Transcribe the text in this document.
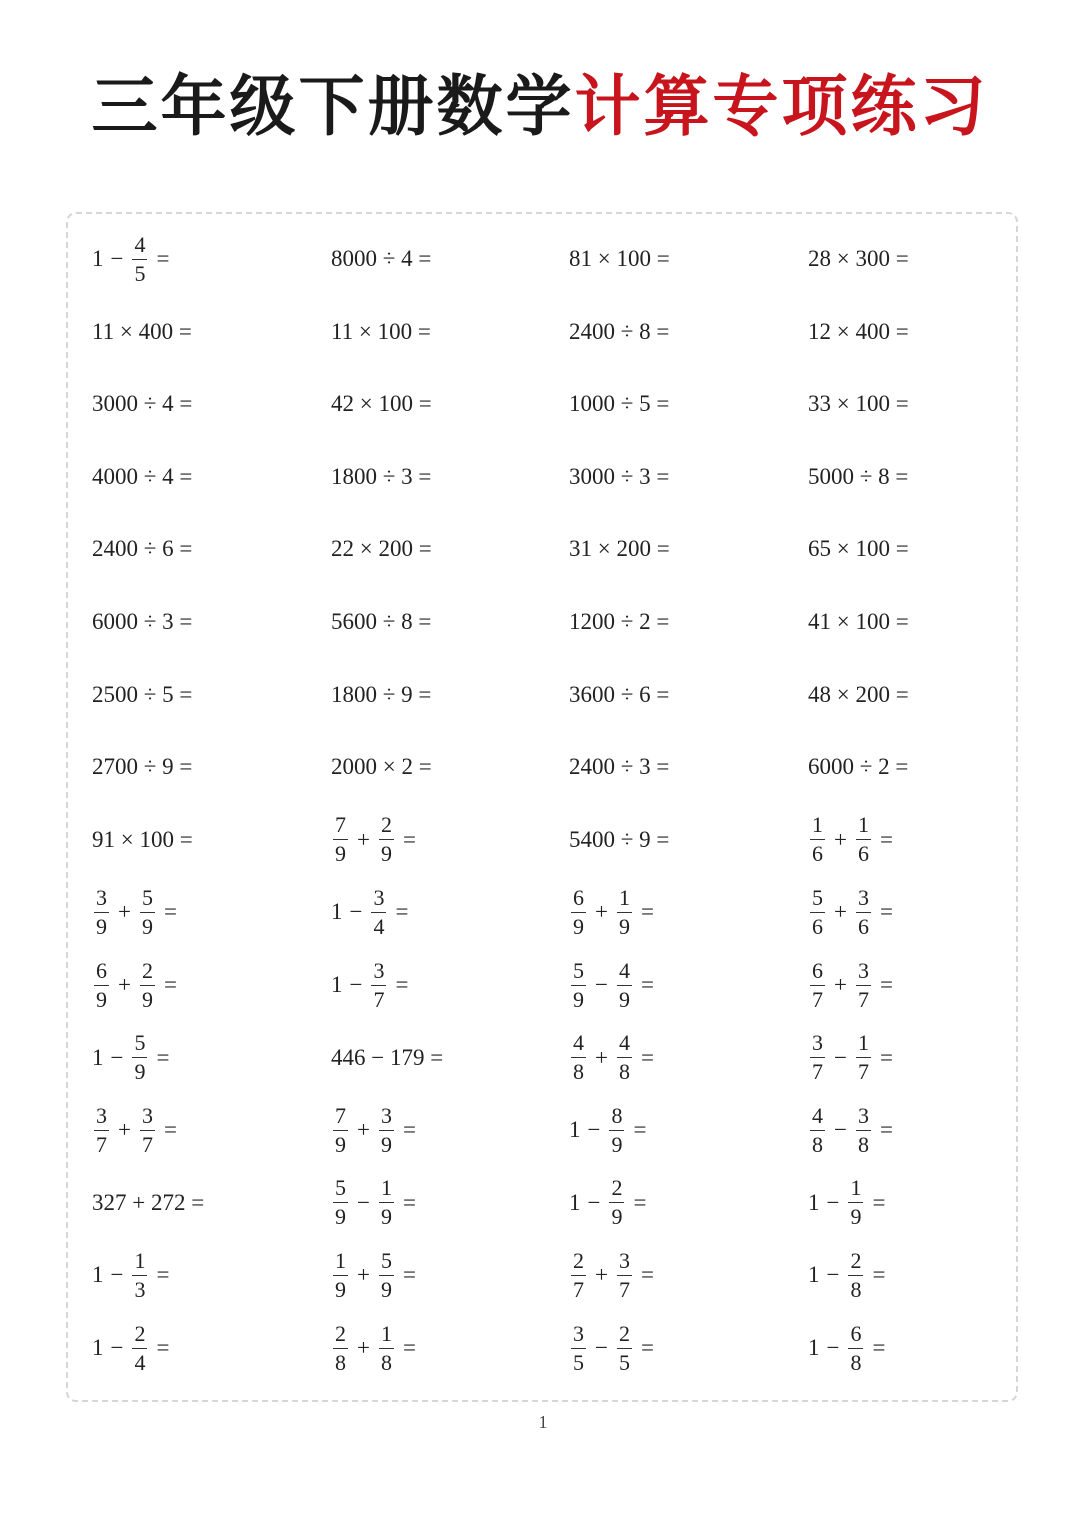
三年级下册数学计算专项练习
$1 - \frac{4}{5}$ =	8000 ÷ 4 =	81 × 100 =	28 × 300 =
11 × 400 =	11 × 100 =	2400 ÷ 8 =	12 × 400 =
3000 ÷ 4 =	42 × 100 =	1000 ÷ 5 =	33 × 100 =
4000 ÷ 4 =	1800 ÷ 3 =	3000 ÷ 3 =	5000 ÷ 8 =
2400 ÷ 6 =	22 × 200 =	31 × 200 =	65 × 100 =
6000 ÷ 3 =	5600 ÷ 8 =	1200 ÷ 2 =	41 × 100 =
2500 ÷ 5 =	1800 ÷ 9 =	3600 ÷ 6 =	48 × 200 =
2700 ÷ 9 =	2000 × 2 =	2400 ÷ 3 =	6000 ÷ 2 =
91 × 100 =	$\frac{7}{9} + \frac{2}{9}$ =	5400 ÷ 9 =	$\frac{1}{6} + \frac{1}{6}$ =
$\frac{3}{9} + \frac{5}{9}$ =	$1 - \frac{3}{4}$ =	$\frac{6}{9} + \frac{1}{9}$ =	$\frac{5}{6} + \frac{3}{6}$ =
$\frac{6}{9} + \frac{2}{9}$ =	$1 - \frac{3}{7}$ =	$\frac{5}{9} - \frac{4}{9}$ =	$\frac{6}{7} + \frac{3}{7}$ =
$1 - \frac{5}{9}$ =	446 − 179 =	$\frac{4}{8} + \frac{4}{8}$ =	$\frac{3}{7} - \frac{1}{7}$ =
$\frac{3}{7} + \frac{3}{7}$ =	$\frac{7}{9} + \frac{3}{9}$ =	$1 - \frac{8}{9}$ =	$\frac{4}{8} - \frac{3}{8}$ =
327 + 272 =	$\frac{5}{9} - \frac{1}{9}$ =	$1 - \frac{2}{9}$ =	$1 - \frac{1}{9}$ =
$1 - \frac{1}{3}$ =	$\frac{1}{9} + \frac{5}{9}$ =	$\frac{2}{7} + \frac{3}{7}$ =	$1 - \frac{2}{8}$ =
$1 - \frac{2}{4}$ =	$\frac{2}{8} + \frac{1}{8}$ =	$\frac{3}{5} - \frac{2}{5}$ =	$1 - \frac{6}{8}$ =
1
